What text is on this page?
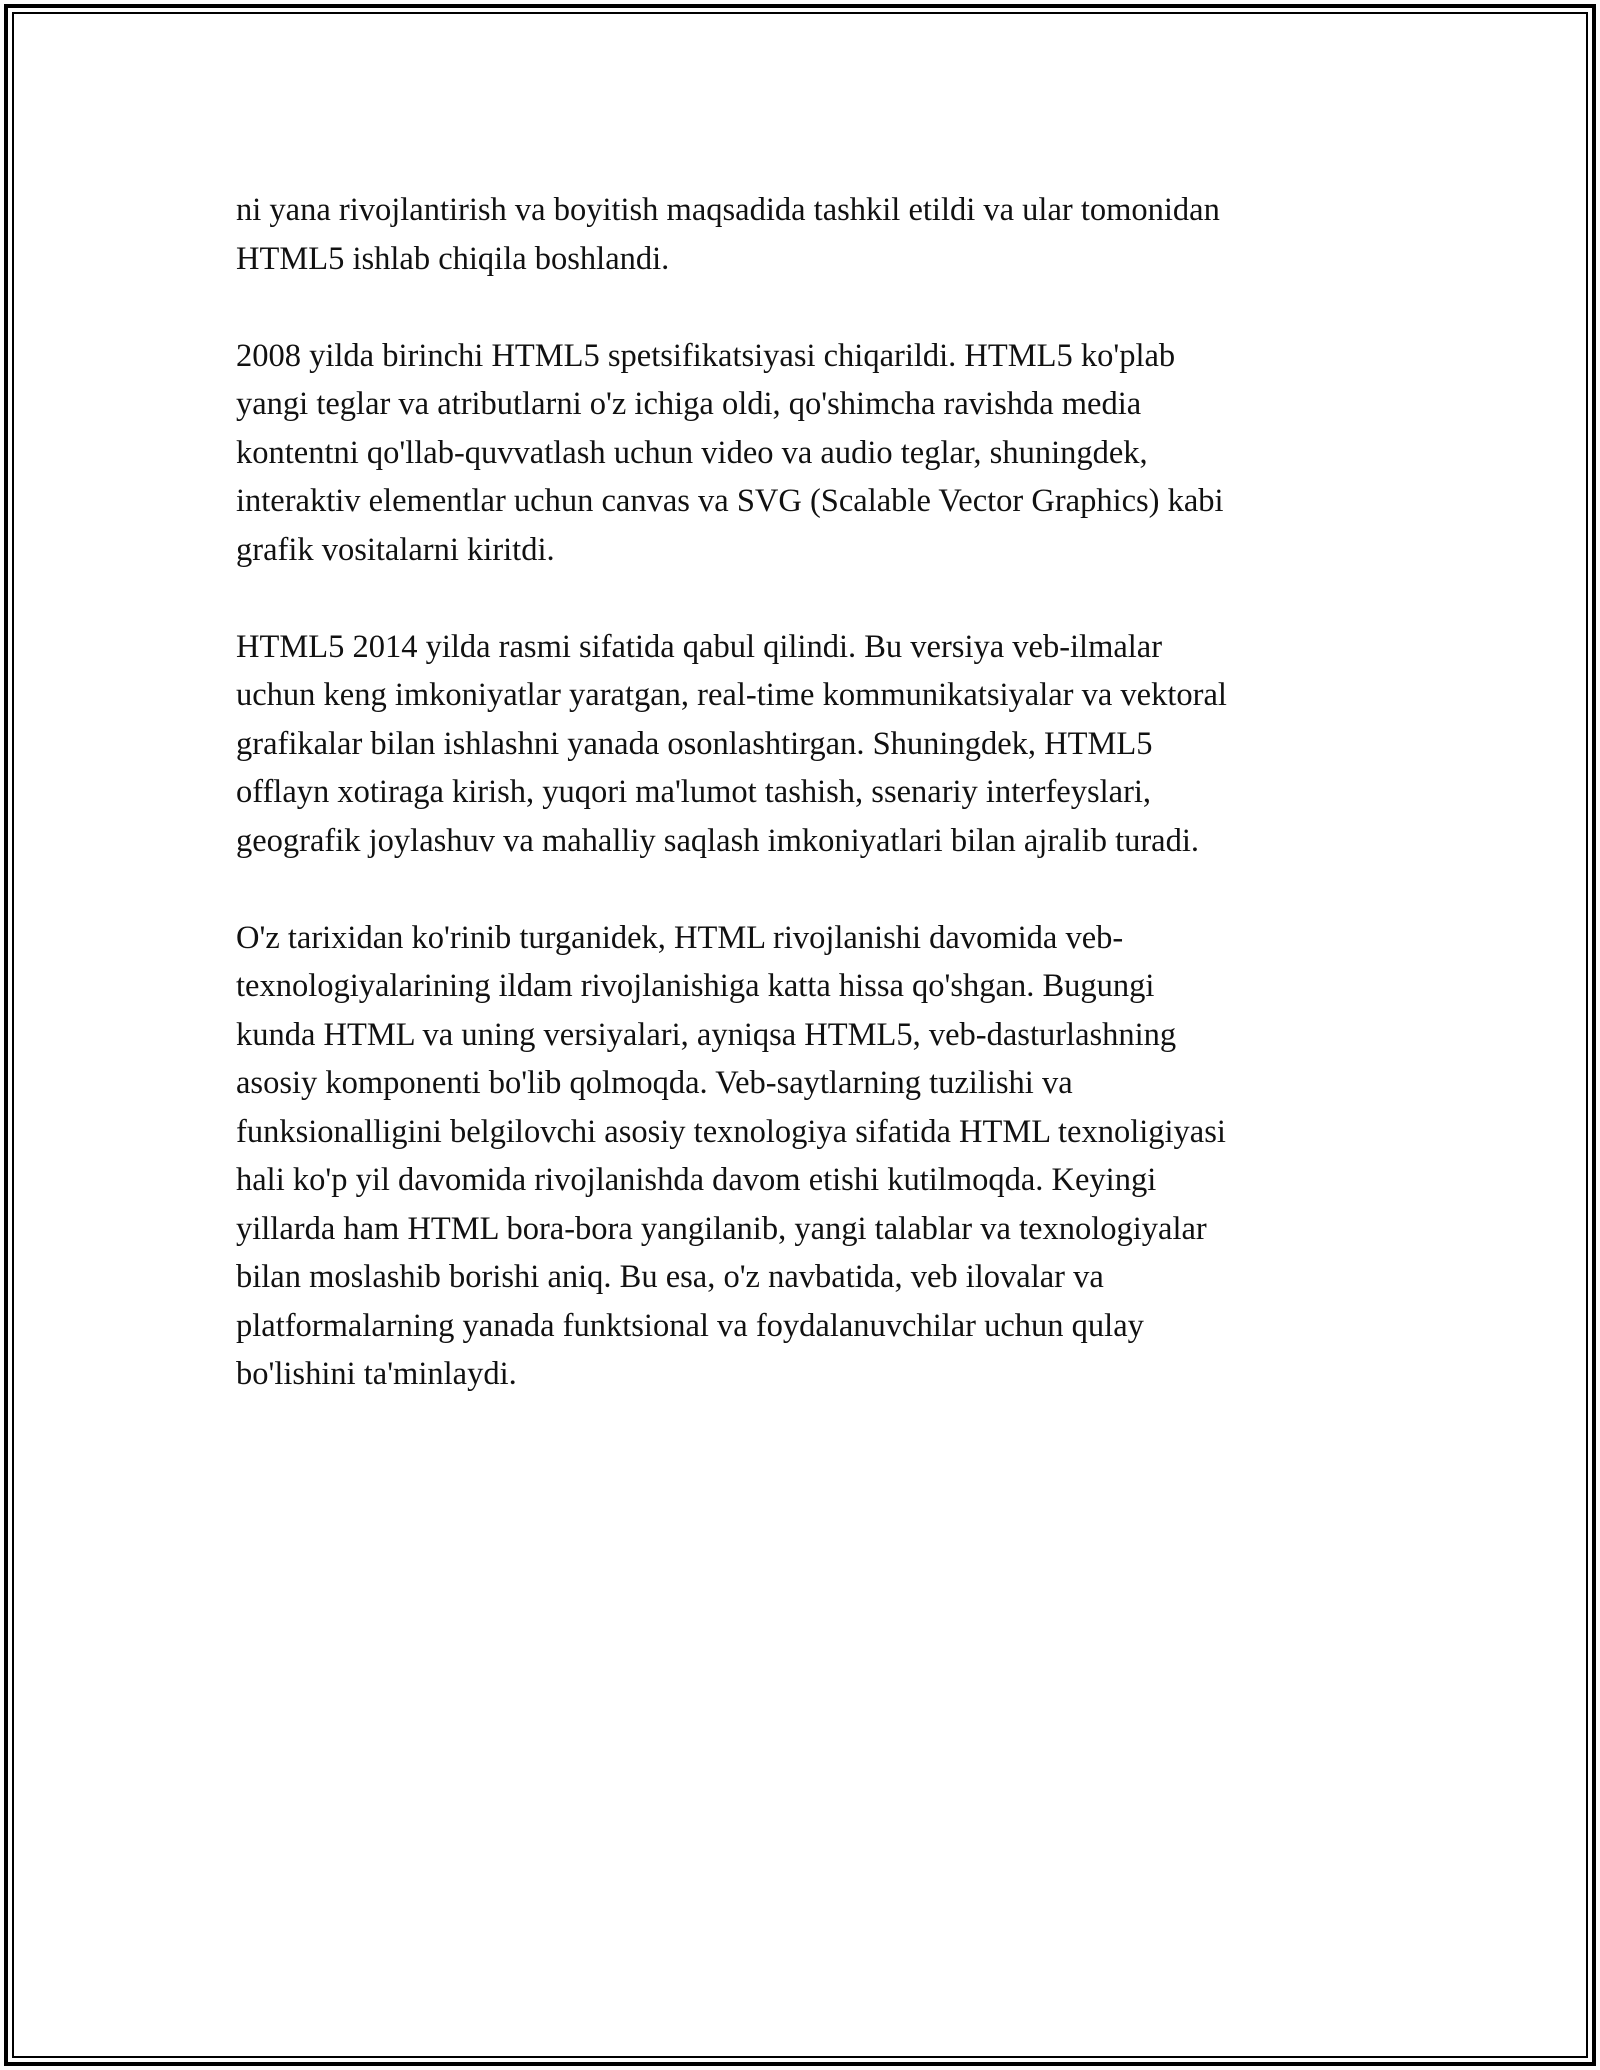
ni yana rivojlantirish va boyitish maqsadida tashkil etildi va ular tomonidan
HTML5 ishlab chiqila boshlandi.

2008 yilda birinchi HTML5 spetsifikatsiyasi chiqarildi. HTML5 ko'plab
yangi teglar va atributlarni o'z ichiga oldi, qo'shimcha ravishda media
kontentni qo'llab-quvvatlash uchun video va audio teglar, shuningdek,
interaktiv elementlar uchun canvas va SVG (Scalable Vector Graphics) kabi
grafik vositalarni kiritdi.

HTML5 2014 yilda rasmi sifatida qabul qilindi. Bu versiya veb-ilmalar
uchun keng imkoniyatlar yaratgan, real-time kommunikatsiyalar va vektoral
grafikalar bilan ishlashni yanada osonlashtirgan. Shuningdek, HTML5
offlayn xotiraga kirish, yuqori ma'lumot tashish, ssenariy interfeyslari,
geografik joylashuv va mahalliy saqlash imkoniyatlari bilan ajralib turadi.

O'z tarixidan ko'rinib turganidek, HTML rivojlanishi davomida veb-
texnologiyalarining ildam rivojlanishiga katta hissa qo'shgan. Bugungi
kunda HTML va uning versiyalari, ayniqsa HTML5, veb-dasturlashning
asosiy komponenti bo'lib qolmoqda. Veb-saytlarning tuzilishi va
funksionalligini belgilovchi asosiy texnologiya sifatida HTML texnoligiyasi
hali ko'p yil davomida rivojlanishda davom etishi kutilmoqda. Keyingi
yillarda ham HTML bora-bora yangilanib, yangi talablar va texnologiyalar
bilan moslashib borishi aniq. Bu esa, o'z navbatida, veb ilovalar va
platformalarning yanada funktsional va foydalanuvchilar uchun qulay
bo'lishini ta'minlaydi.
